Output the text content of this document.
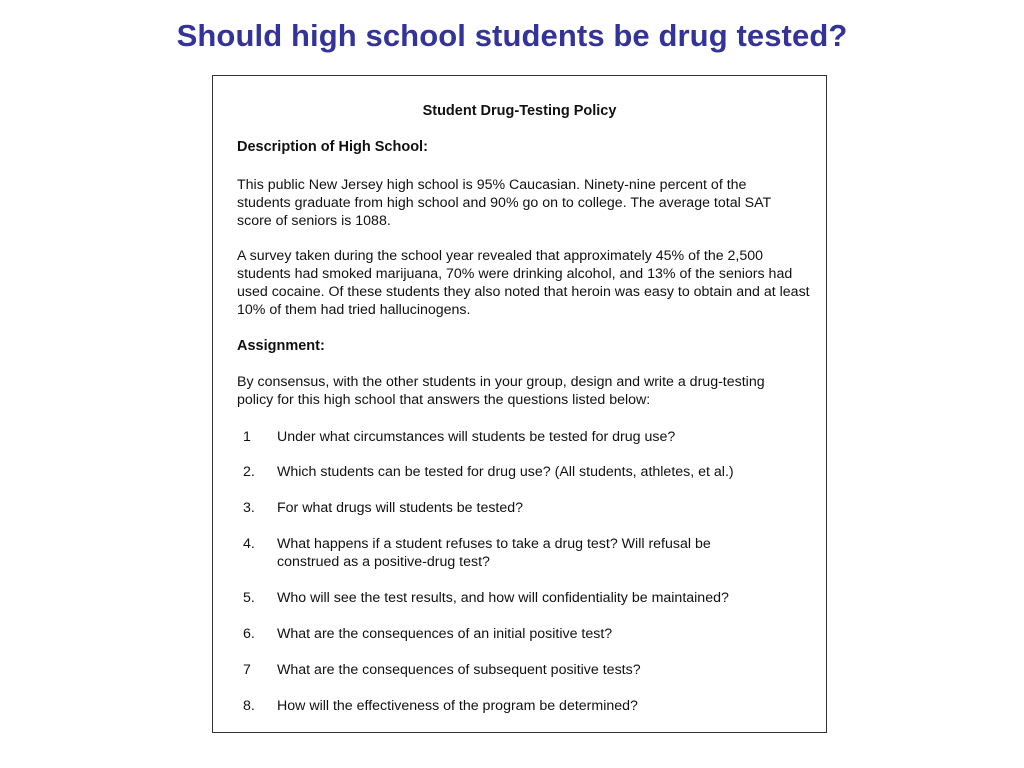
Should high school students be drug tested?
Student Drug-Testing Policy
Description of High School:

This public New Jersey high school is 95% Caucasian. Ninety-nine percent of the students graduate from high school and 90% go on to college. The average total SAT score of seniors is 1088.

A survey taken during the school year revealed that approximately 45% of the 2,500 students had smoked marijuana, 70% were drinking alcohol, and 13% of the seniors had used cocaine. Of these students they also noted that heroin was easy to obtain and at least 10% of them had tried hallucinogens.

Assignment:

By consensus, with the other students in your group, design and write a drug-testing policy for this high school that answers the questions listed below:

1	Under what circumstances will students be tested for drug use?
2.	Which students can be tested for drug use? (All students, athletes, et al.)
3.	For what drugs will students be tested?
4.	What happens if a student refuses to take a drug test? Will refusal be construed as a positive-drug test?
5.	Who will see the test results, and how will confidentiality be maintained?
6.	What are the consequences of an initial positive test?
7	What are the consequences of subsequent positive tests?
8.	How will the effectiveness of the program be determined?
